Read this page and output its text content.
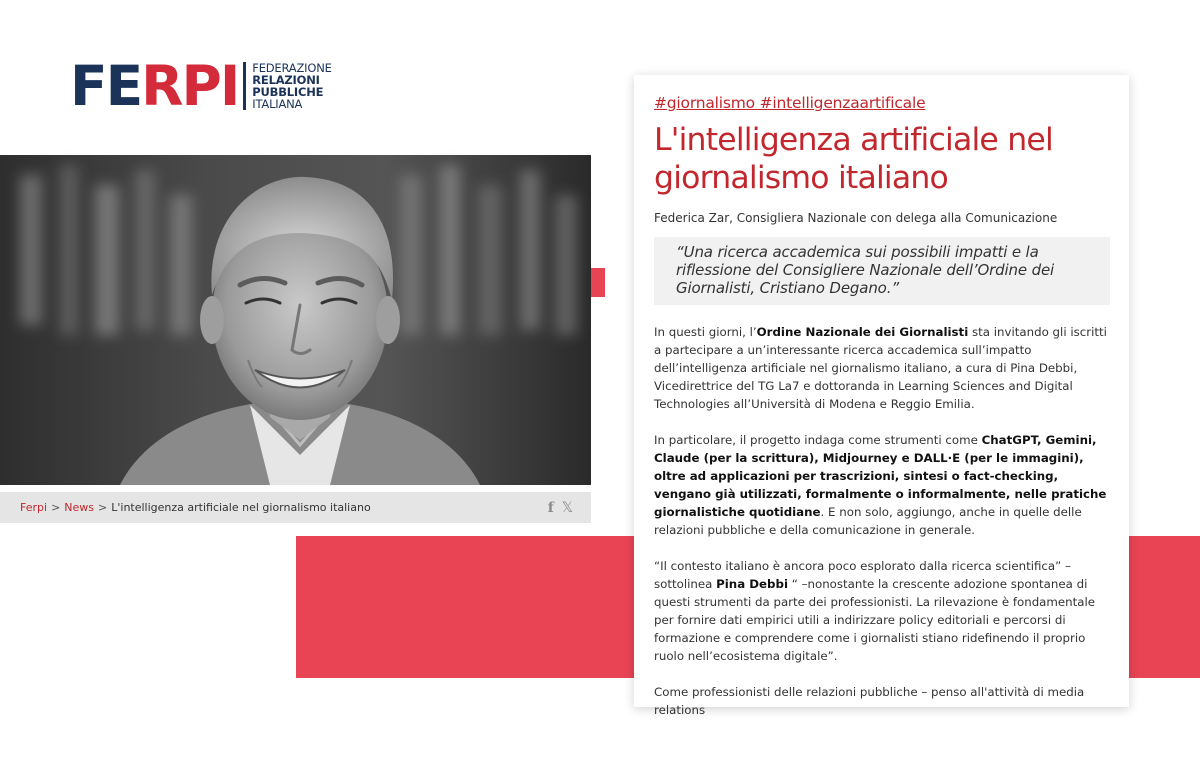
FERPI FEDERAZIONE
RELAZIONI
PUBBLICHE
ITALIANA
Ferpi > News > L'intelligenza artificiale nel giornalismo italiano	f 𝕏

#giornalismo #intelligenzaartificale

L'intelligenza artificiale nel giornalismo italiano

Federica Zar, Consigliera Nazionale con delega alla Comunicazione

“Una ricerca accademica sui possibili impatti e la riflessione del Consigliere Nazionale dell’Ordine dei Giornalisti, Cristiano Degano.”

In questi giorni, l’Ordine Nazionale dei Giornalisti sta invitando gli iscritti a partecipare a un’interessante ricerca accademica sull’impatto dell’intelligenza artificiale nel giornalismo italiano, a cura di Pina Debbi, Vicedirettrice del TG La7 e dottoranda in Learning Sciences and Digital Technologies all’Università di Modena e Reggio Emilia.

In particolare, il progetto indaga come strumenti come ChatGPT, Gemini, Claude (per la scrittura), Midjourney e DALL·E (per le immagini), oltre ad applicazioni per trascrizioni, sintesi o fact-checking, vengano già utilizzati, formalmente o informalmente, nelle pratiche giornalistiche quotidiane. E non solo, aggiungo, anche in quelle delle relazioni pubbliche e della comunicazione in generale.

“Il contesto italiano è ancora poco esplorato dalla ricerca scientifica” – sottolinea Pina Debbi “ –nonostante la crescente adozione spontanea di questi strumenti da parte dei professionisti. La rilevazione è fondamentale per fornire dati empirici utili a indirizzare policy editoriali e percorsi di formazione e comprendere come i giornalisti stiano ridefinendo il proprio ruolo nell’ecosistema digitale”.

Come professionisti delle relazioni pubbliche – penso all'attività di media relations
